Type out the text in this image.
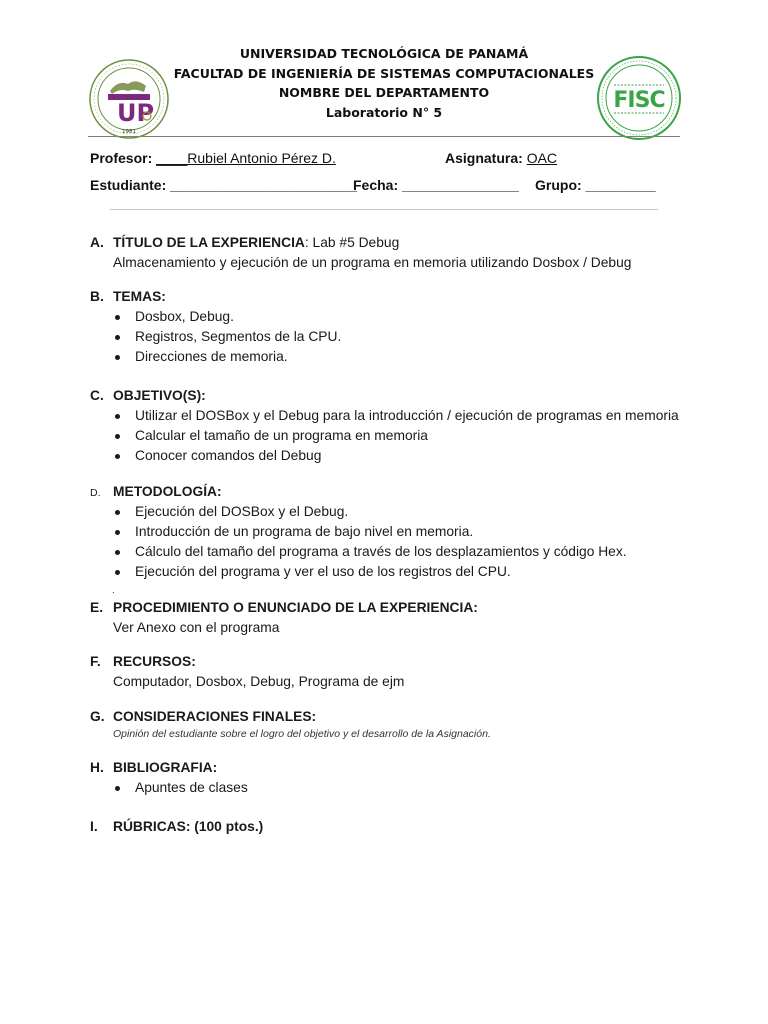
UP
1981
FISC
UNIVERSIDAD TECNOLÓGICA DE PANAMÁ
FACULTAD DE INGENIERÍA DE SISTEMAS COMPUTACIONALES
NOMBRE DEL DEPARTAMENTO
Laboratorio N° 5
Profesor: ____Rubiel Antonio Pérez D.	Asignatura: OAC
Estudiante: ________________________
Fecha: _______________ Grupo: _________
A. TÍTULO DE LA EXPERIENCIA: Lab #5 Debug
Almacenamiento y ejecución de un programa en memoria utilizando Dosbox / Debug
B. TEMAS:
Dosbox, Debug.
Registros, Segmentos de la CPU.
Direcciones de memoria.
C. OBJETIVO(S):
Utilizar el DOSBox y el Debug para la introducción / ejecución de programas en memoria
Calcular el tamaño de un programa en memoria
Conocer comandos del Debug
D. METODOLOGÍA:
Ejecución del DOSBox y el Debug.
Introducción de un programa de bajo nivel en memoria.
Cálculo del tamaño del programa a través de los desplazamientos y código Hex.
Ejecución del programa y ver el uso de los registros del CPU.
.
E. PROCEDIMIENTO O ENUNCIADO DE LA EXPERIENCIA:
Ver Anexo con el programa
F. RECURSOS:
Computador, Dosbox, Debug, Programa de ejm
G. CONSIDERACIONES FINALES:
Opinión del estudiante sobre el logro del objetivo y el desarrollo de la Asignación.
H. BIBLIOGRAFIA:
Apuntes de clases
I. RÚBRICAS: (100 ptos.)
